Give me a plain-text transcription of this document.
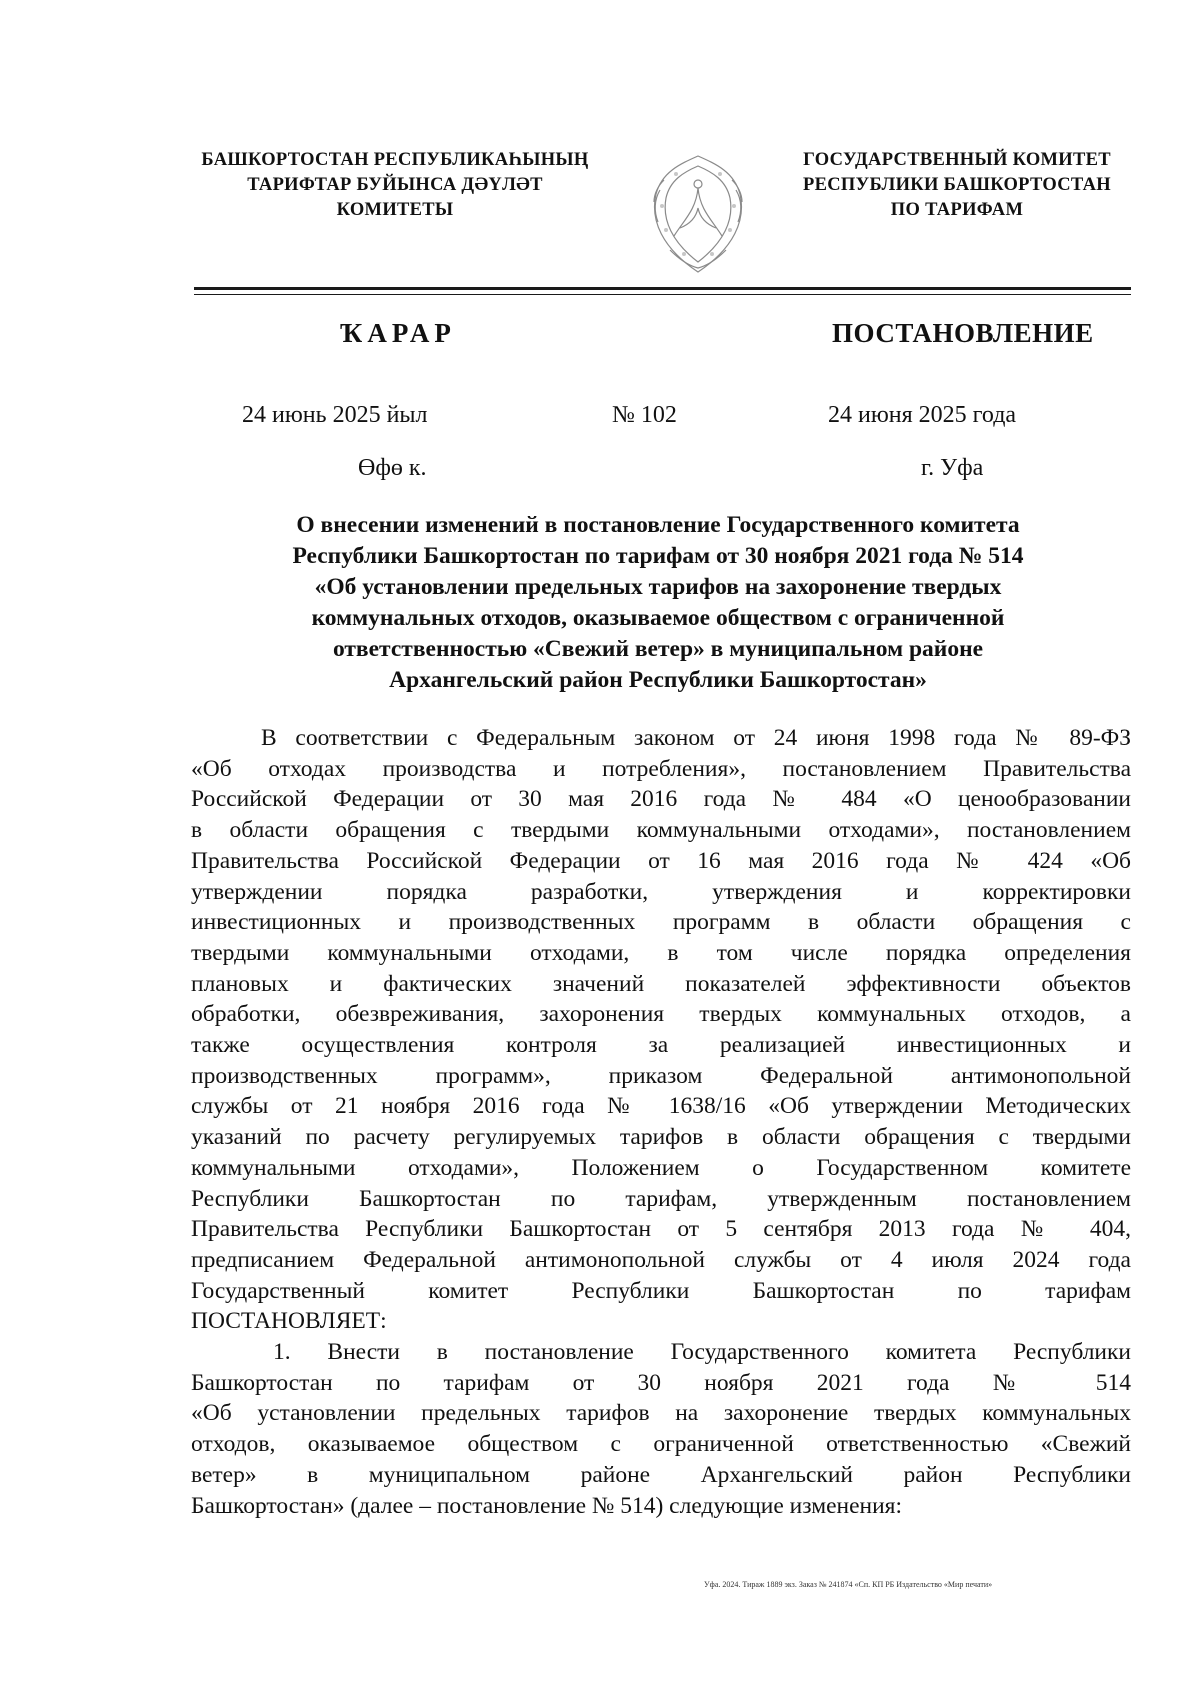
БАШКОРТОСТАН РЕСПУБЛИКАҺЫНЫҢ
ТАРИФТАР БУЙЫНСА ДӘҮЛӘТ
КОМИТЕТЫ
ГОСУДАРСТВЕННЫЙ КОМИТЕТ
РЕСПУБЛИКИ БАШКОРТОСТАН
ПО ТАРИФАМ
ҠАРАР	ПОСТАНОВЛЕНИЕ
24 июнь 2025 йыл	№ 102	24 июня 2025 года
Өфө к.	г. Уфа
О внесении изменений в постановление Государственного комитета
Республики Башкортостан по тарифам от 30 ноября 2021 года № 514
«Об установлении предельных тарифов на захоронение твердых
коммунальных отходов, оказываемое обществом с ограниченной
ответственностью «Свежий ветер» в муниципальном районе
Архангельский район Республики Башкортостан»
В соответствии с Федеральным законом от 24 июня 1998 года № 89-ФЗ
«Об отходах производства и потребления», постановлением Правительства
Российской Федерации от 30 мая 2016 года № 484 «О ценообразовании
в области обращения с твердыми коммунальными отходами», постановлением
Правительства Российской Федерации от 16 мая 2016 года № 424 «Об
утверждении порядка разработки, утверждения и корректировки
инвестиционных и производственных программ в области обращения с
твердыми коммунальными отходами, в том числе порядка определения
плановых и фактических значений показателей эффективности объектов
обработки, обезвреживания, захоронения твердых коммунальных отходов, а
также осуществления контроля за реализацией инвестиционных и
производственных программ», приказом Федеральной антимонопольной
службы от 21 ноября 2016 года № 1638/16 «Об утверждении Методических
указаний по расчету регулируемых тарифов в области обращения с твердыми
коммунальными отходами», Положением о Государственном комитете
Республики Башкортостан по тарифам, утвержденным постановлением
Правительства Республики Башкортостан от 5 сентября 2013 года № 404,
предписанием Федеральной антимонопольной службы от 4 июля 2024 года
Государственный комитет Республики Башкортостан по тарифам
ПОСТАНОВЛЯЕТ:
1. Внести в постановление Государственного комитета Республики
Башкортостан по тарифам от 30 ноября 2021 года № 514
«Об установлении предельных тарифов на захоронение твердых коммунальных
отходов, оказываемое обществом с ограниченной ответственностью «Свежий
ветер» в муниципальном районе Архангельский район Республики
Башкортостан» (далее – постановление № 514) следующие изменения:
Уфа. 2024. Тираж 1889 экз. Заказ № 241874 «Сп. КП РБ Издательство «Мир печати»
